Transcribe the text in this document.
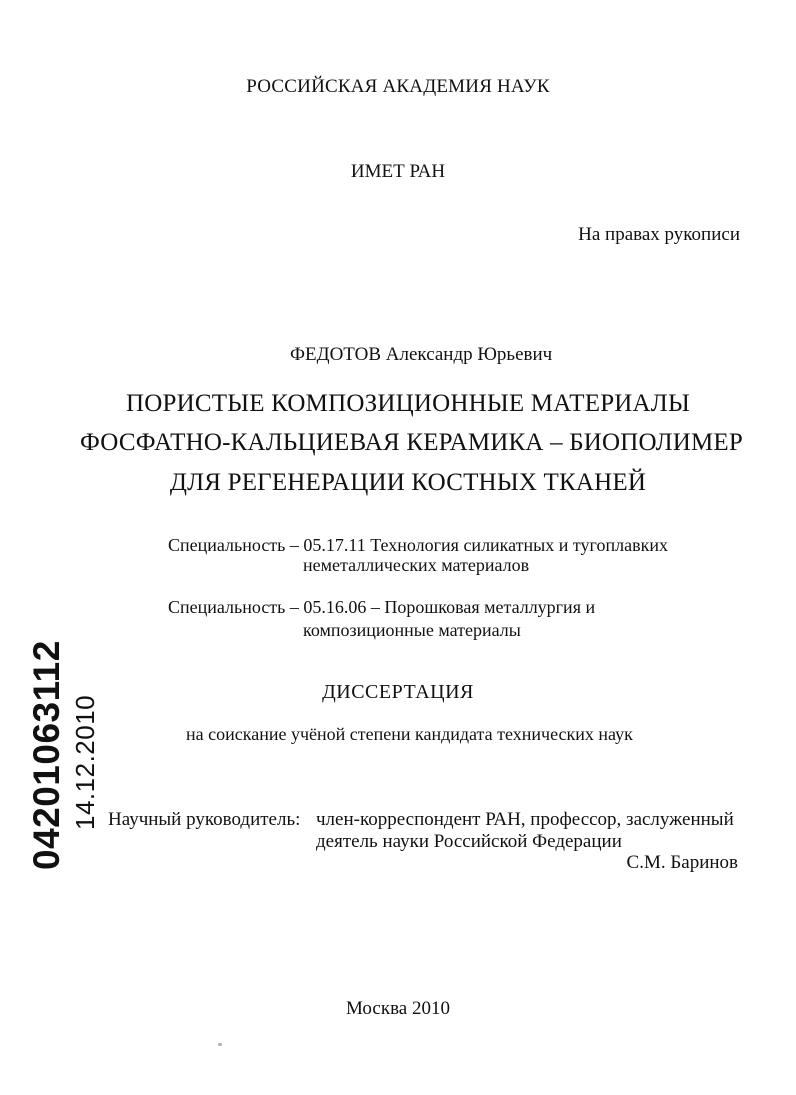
РОССИЙСКАЯ АКАДЕМИЯ НАУК
ИМЕТ РАН
На правах рукописи
ФЕДОТОВ Александр Юрьевич
ПОРИСТЫЕ КОМПОЗИЦИОННЫЕ МАТЕРИАЛЫ
ФОСФАТНО-КАЛЬЦИЕВАЯ КЕРАМИКА – БИОПОЛИМЕР
ДЛЯ РЕГЕНЕРАЦИИ КОСТНЫХ ТКАНЕЙ
Специальность – 05.17.11 Технология силикатных и тугоплавких
неметаллических материалов
Специальность – 05.16.06 – Порошковая металлургия и
композиционные материалы
ДИССЕРТАЦИЯ
на соискание учёной степени кандидата технических наук
Научный руководитель: член-корреспондент РАН, профессор, заслуженный
деятель науки Российской Федерации
С.М. Баринов
Москва 2010
04201063112 14.12.2010
